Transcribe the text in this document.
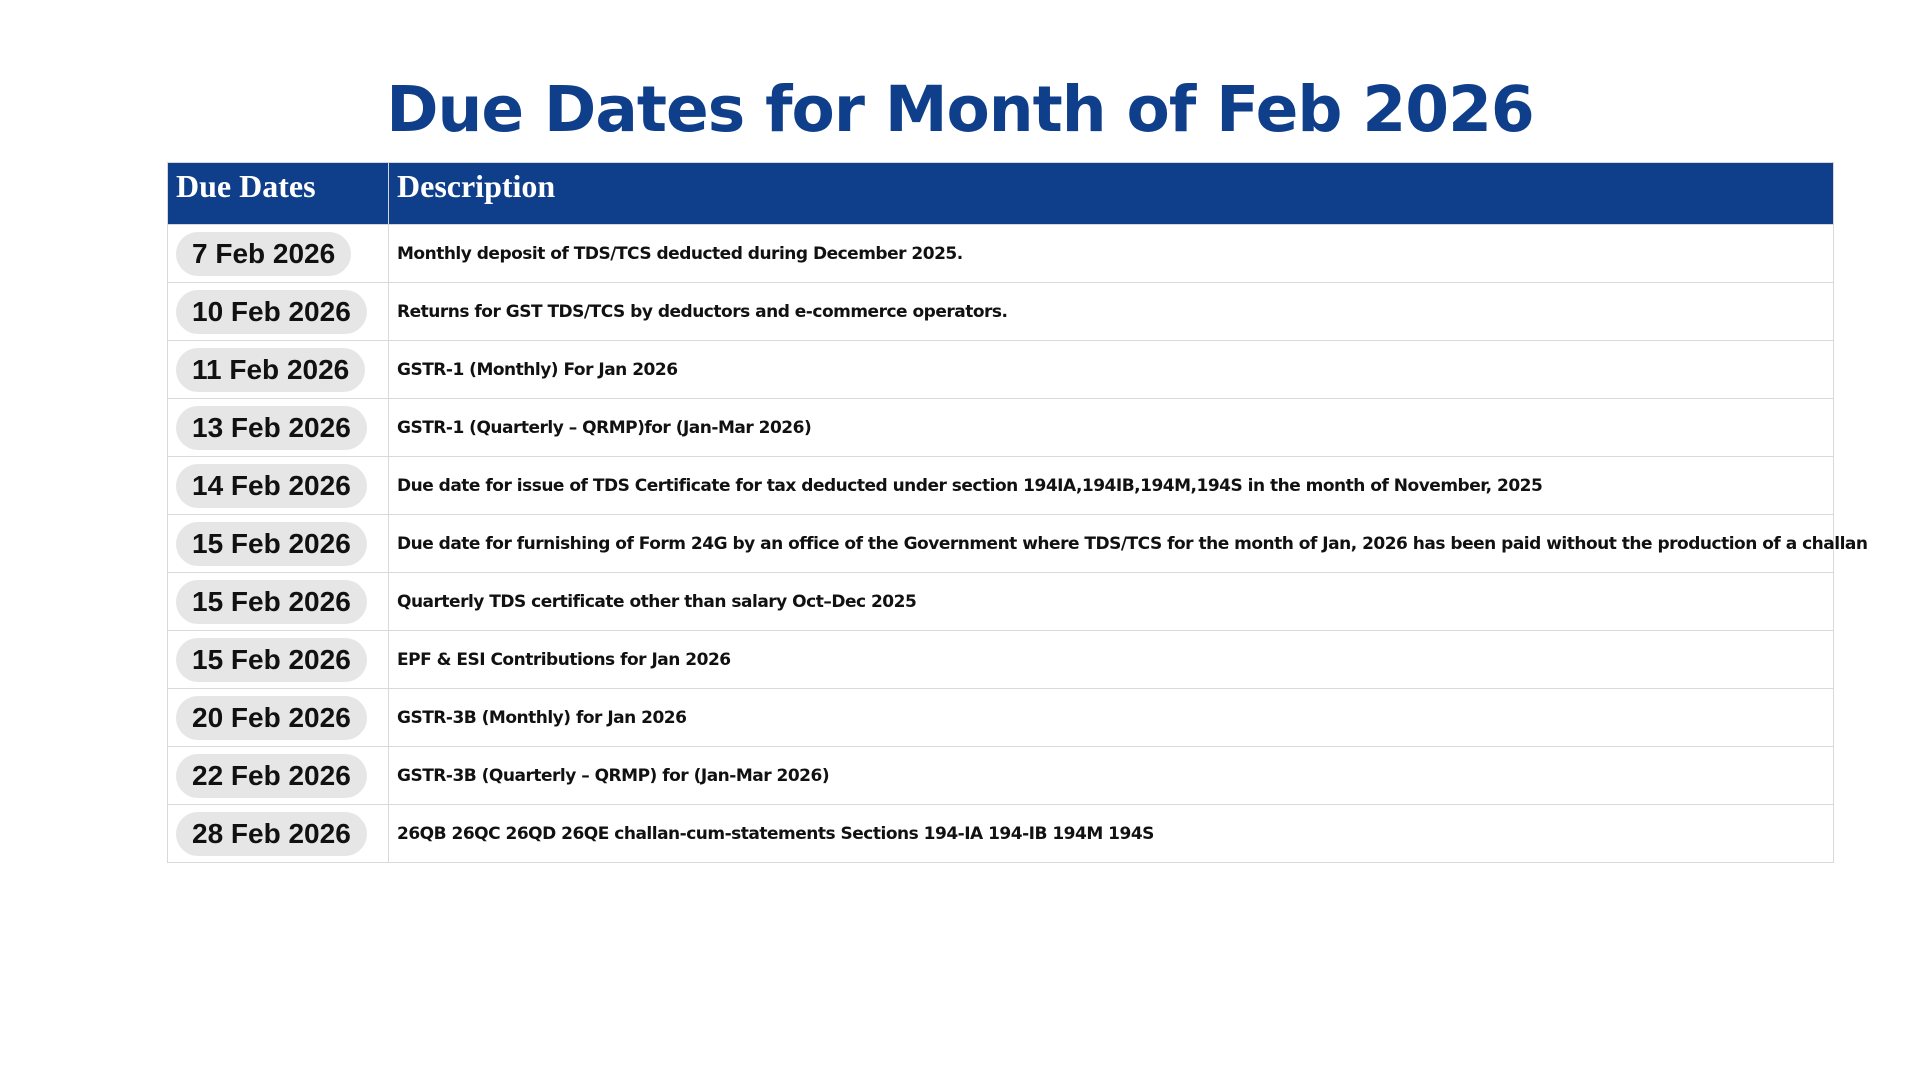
Due Dates for Month of Feb 2026
Due Dates	Description
7 Feb 2026	Monthly deposit of TDS/TCS deducted during December 2025.
10 Feb 2026	Returns for GST TDS/TCS by deductors and e-commerce operators.
11 Feb 2026	GSTR-1 (Monthly) For Jan 2026
13 Feb 2026	GSTR-1 (Quarterly – QRMP)for (Jan-Mar 2026)
14 Feb 2026	Due date for issue of TDS Certificate for tax deducted under section 194IA,194IB,194M,194S in the month of November, 2025
15 Feb 2026	Due date for furnishing of Form 24G by an office of the Government where TDS/TCS for the month of Jan, 2026 has been paid without the production of a challan
15 Feb 2026	Quarterly TDS certificate other than salary Oct–Dec 2025
15 Feb 2026	EPF & ESI Contributions for Jan 2026
20 Feb 2026	GSTR-3B (Monthly) for Jan 2026
22 Feb 2026	GSTR-3B (Quarterly – QRMP) for (Jan-Mar 2026)
28 Feb 2026	26QB 26QC 26QD 26QE challan-cum-statements Sections 194-IA 194-IB 194M 194S
